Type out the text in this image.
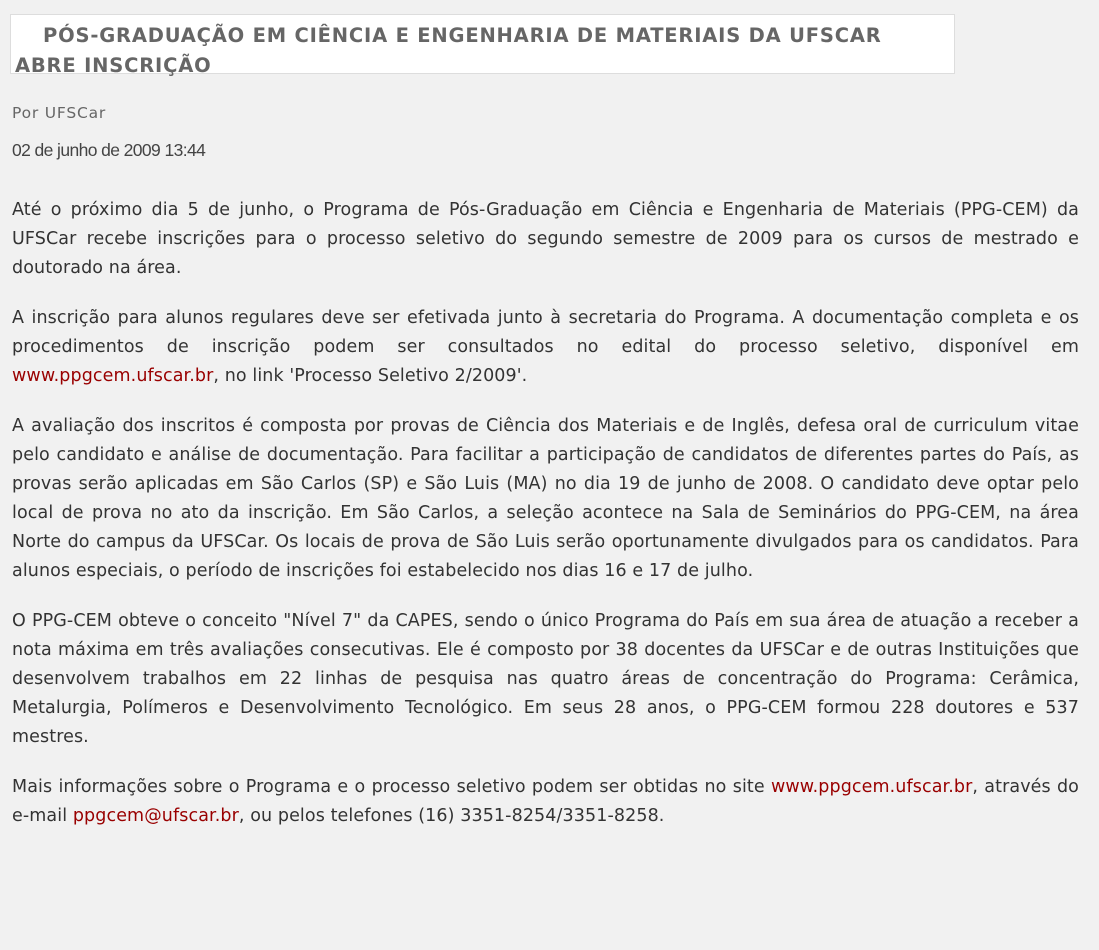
PÓS-GRADUAÇÃO EM CIÊNCIA E ENGENHARIA DE MATERIAIS DA UFSCAR ABRE INSCRIÇÃO
Por UFSCar
02 de junho de 2009 13:44

Até o próximo dia 5 de junho, o Programa de Pós-Graduação em Ciência e Engenharia de Materiais (PPG-CEM) da UFSCar recebe inscrições para o processo seletivo do segundo semestre de 2009 para os cursos de mestrado e doutorado na área.

A inscrição para alunos regulares deve ser efetivada junto à secretaria do Programa. A documentação completa e os procedimentos de inscrição podem ser consultados no edital do processo seletivo, disponível em www.ppgcem.ufscar.br, no link 'Processo Seletivo 2/2009'.

A avaliação dos inscritos é composta por provas de Ciência dos Materiais e de Inglês, defesa oral de curriculum vitae pelo candidato e análise de documentação. Para facilitar a participação de candidatos de diferentes partes do País, as provas serão aplicadas em São Carlos (SP) e São Luis (MA) no dia 19 de junho de 2008. O candidato deve optar pelo local de prova no ato da inscrição. Em São Carlos, a seleção acontece na Sala de Seminários do PPG-CEM, na área Norte do campus da UFSCar. Os locais de prova de São Luis serão oportunamente divulgados para os candidatos. Para alunos especiais, o período de inscrições foi estabelecido nos dias 16 e 17 de julho.

O PPG-CEM obteve o conceito "Nível 7" da CAPES, sendo o único Programa do País em sua área de atuação a receber a nota máxima em três avaliações consecutivas. Ele é composto por 38 docentes da UFSCar e de outras Instituições que desenvolvem trabalhos em 22 linhas de pesquisa nas quatro áreas de concentração do Programa: Cerâmica, Metalurgia, Polímeros e Desenvolvimento Tecnológico. Em seus 28 anos, o PPG-CEM formou 228 doutores e 537 mestres.

Mais informações sobre o Programa e o processo seletivo podem ser obtidas no site www.ppgcem.ufscar.br, através do e-mail ppgcem@ufscar.br, ou pelos telefones (16) 3351-8254/3351-8258.
